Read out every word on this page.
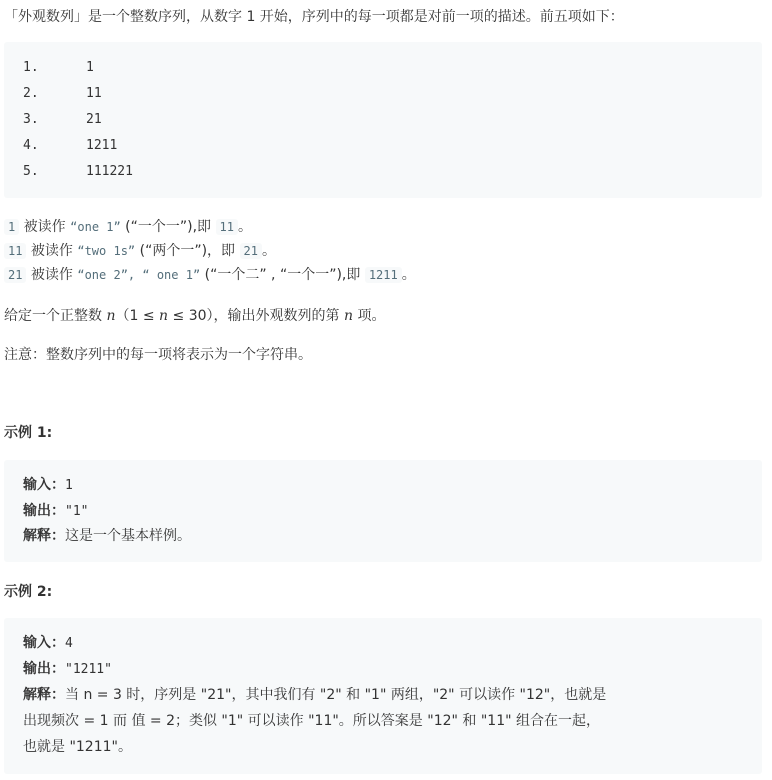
「外观数列」是一个整数序列，从数字 1 开始，序列中的每一项都是对前一项的描述。前五项如下：
1.	1
2.	11
3.	21
4.	1211
5.	111221
1 被读作 “one 1” (“一个一”),即 11 。
11 被读作 “two 1s” (“两个一”)，即 21 。
21 被读作 “one 2”, “ one 1” (“一个二” , “一个一”),即 1211 。
给定一个正整数 n（1 ≤ n ≤ 30），输出外观数列的第 n 项。
注意：整数序列中的每一项将表示为一个字符串。
示例 1:
输入：1
输出："1"
解释：这是一个基本样例。
示例 2:
输入：4
输出："1211"
解释：当 n = 3 时，序列是 "21"，其中我们有 "2" 和 "1" 两组，"2" 可以读作 "12"，也就是
出现频次 = 1 而 值 = 2；类似 "1" 可以读作 "11"。所以答案是 "12" 和 "11" 组合在一起，
也就是 "1211"。
